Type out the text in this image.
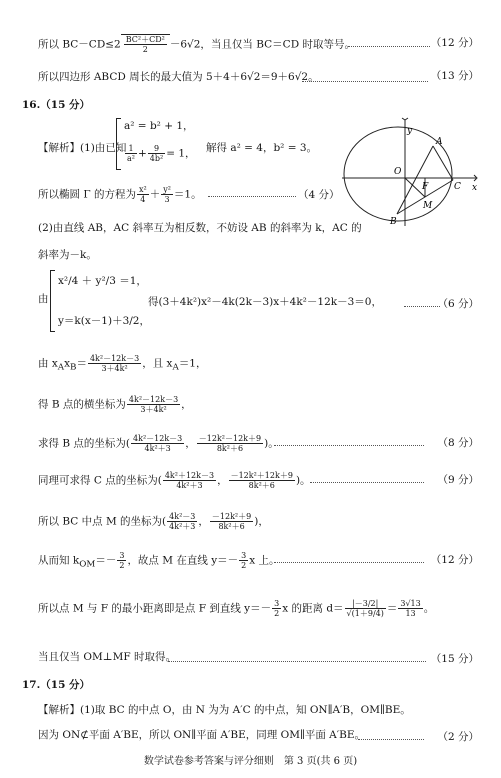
所以 $BC-CD\le 2 \frac{\text{BC²＋CD²}}{2} -6√2$，当且仅当 BC＝CD 时取等号。	（12 分）
所以四边形 ABCD 周长的最大值为 5＋4＋6√2＝9＋6√2。	（13 分）
16.（15 分）
【解析】(1)由已知
a² = b² + 1，
$\frac{1}{\text{a²}} + \frac{9}{\text{4b²}} = 1$， 解得 a² = 4，b² = 3。
y
x
O
F	C
A
B
M
所以椭圆 Γ 的方程为 $\frac{\text{x²}}{4} + \frac{\text{y²}}{3} =1$。	（4 分）
(2)由直线 AB，AC 斜率互为相反数，不妨设 AB 的斜率为 k，AC 的
斜率为－k。
由
x²/4 ＋ y²/3 ＝1，
y＝k(x－1)＋3/2，
得(3＋4k²)x²－4k(2k－3)x＋4k²－12k－3＝0，	（6 分）
由 $x_Ax_B= \frac{\text{4k²－12k－3}}{\text{3＋4k²}}$ ，且 $x_A=1$，
得 B 点的横坐标为 $\frac{\text{4k²－12k－3}}{\text{3＋4k²}}$ ，
求得 B 点的坐标为( $\frac{\text{4k²－12k－3}}{\text{4k²＋3}}$ ， $\frac{\text{－12k²－12k＋9}}{\text{8k²＋6}}$ )。	（8 分）
同理可求得 C 点的坐标为( $\frac{\text{4k²＋12k－3}}{\text{4k²＋3}}$ ， $\frac{\text{－12k²＋12k＋9}}{\text{8k²＋6}}$ )。	（9 分）
所以 BC 中点 M 的坐标为( $\frac{\text{4k²－3}}{\text{4k²＋3}}$ ， $\frac{\text{－12k²＋9}}{\text{8k²＋6}}$ )，
从而知 $k_{OM}=- \frac{3}{2}$ ，故点 M 在直线 $y=- \frac{3}{2}$ x 上。	（12 分）
所以点 M 与 F 的最小距离即是点 F 到直线 $y=- \frac{3}{2}$ x 的距离 $d= \frac{|-3/2|}{√(1+9/4)} = \frac{3√13}{13}$ 。
当且仅当 OM⊥MF 时取得。	（15 分）
17.（15 分）
【解析】(1)取 BC 的中点 O，由 N 为为 A′C 的中点，知 ON∥A′B，OM∥BE。
因为 ON⊄平面 A′BE，所以 ON∥平面 A′BE，同理 OM∥平面 A′BE。	（2 分）
数学试卷参考答案与评分细则　第 3 页(共 6 页)
